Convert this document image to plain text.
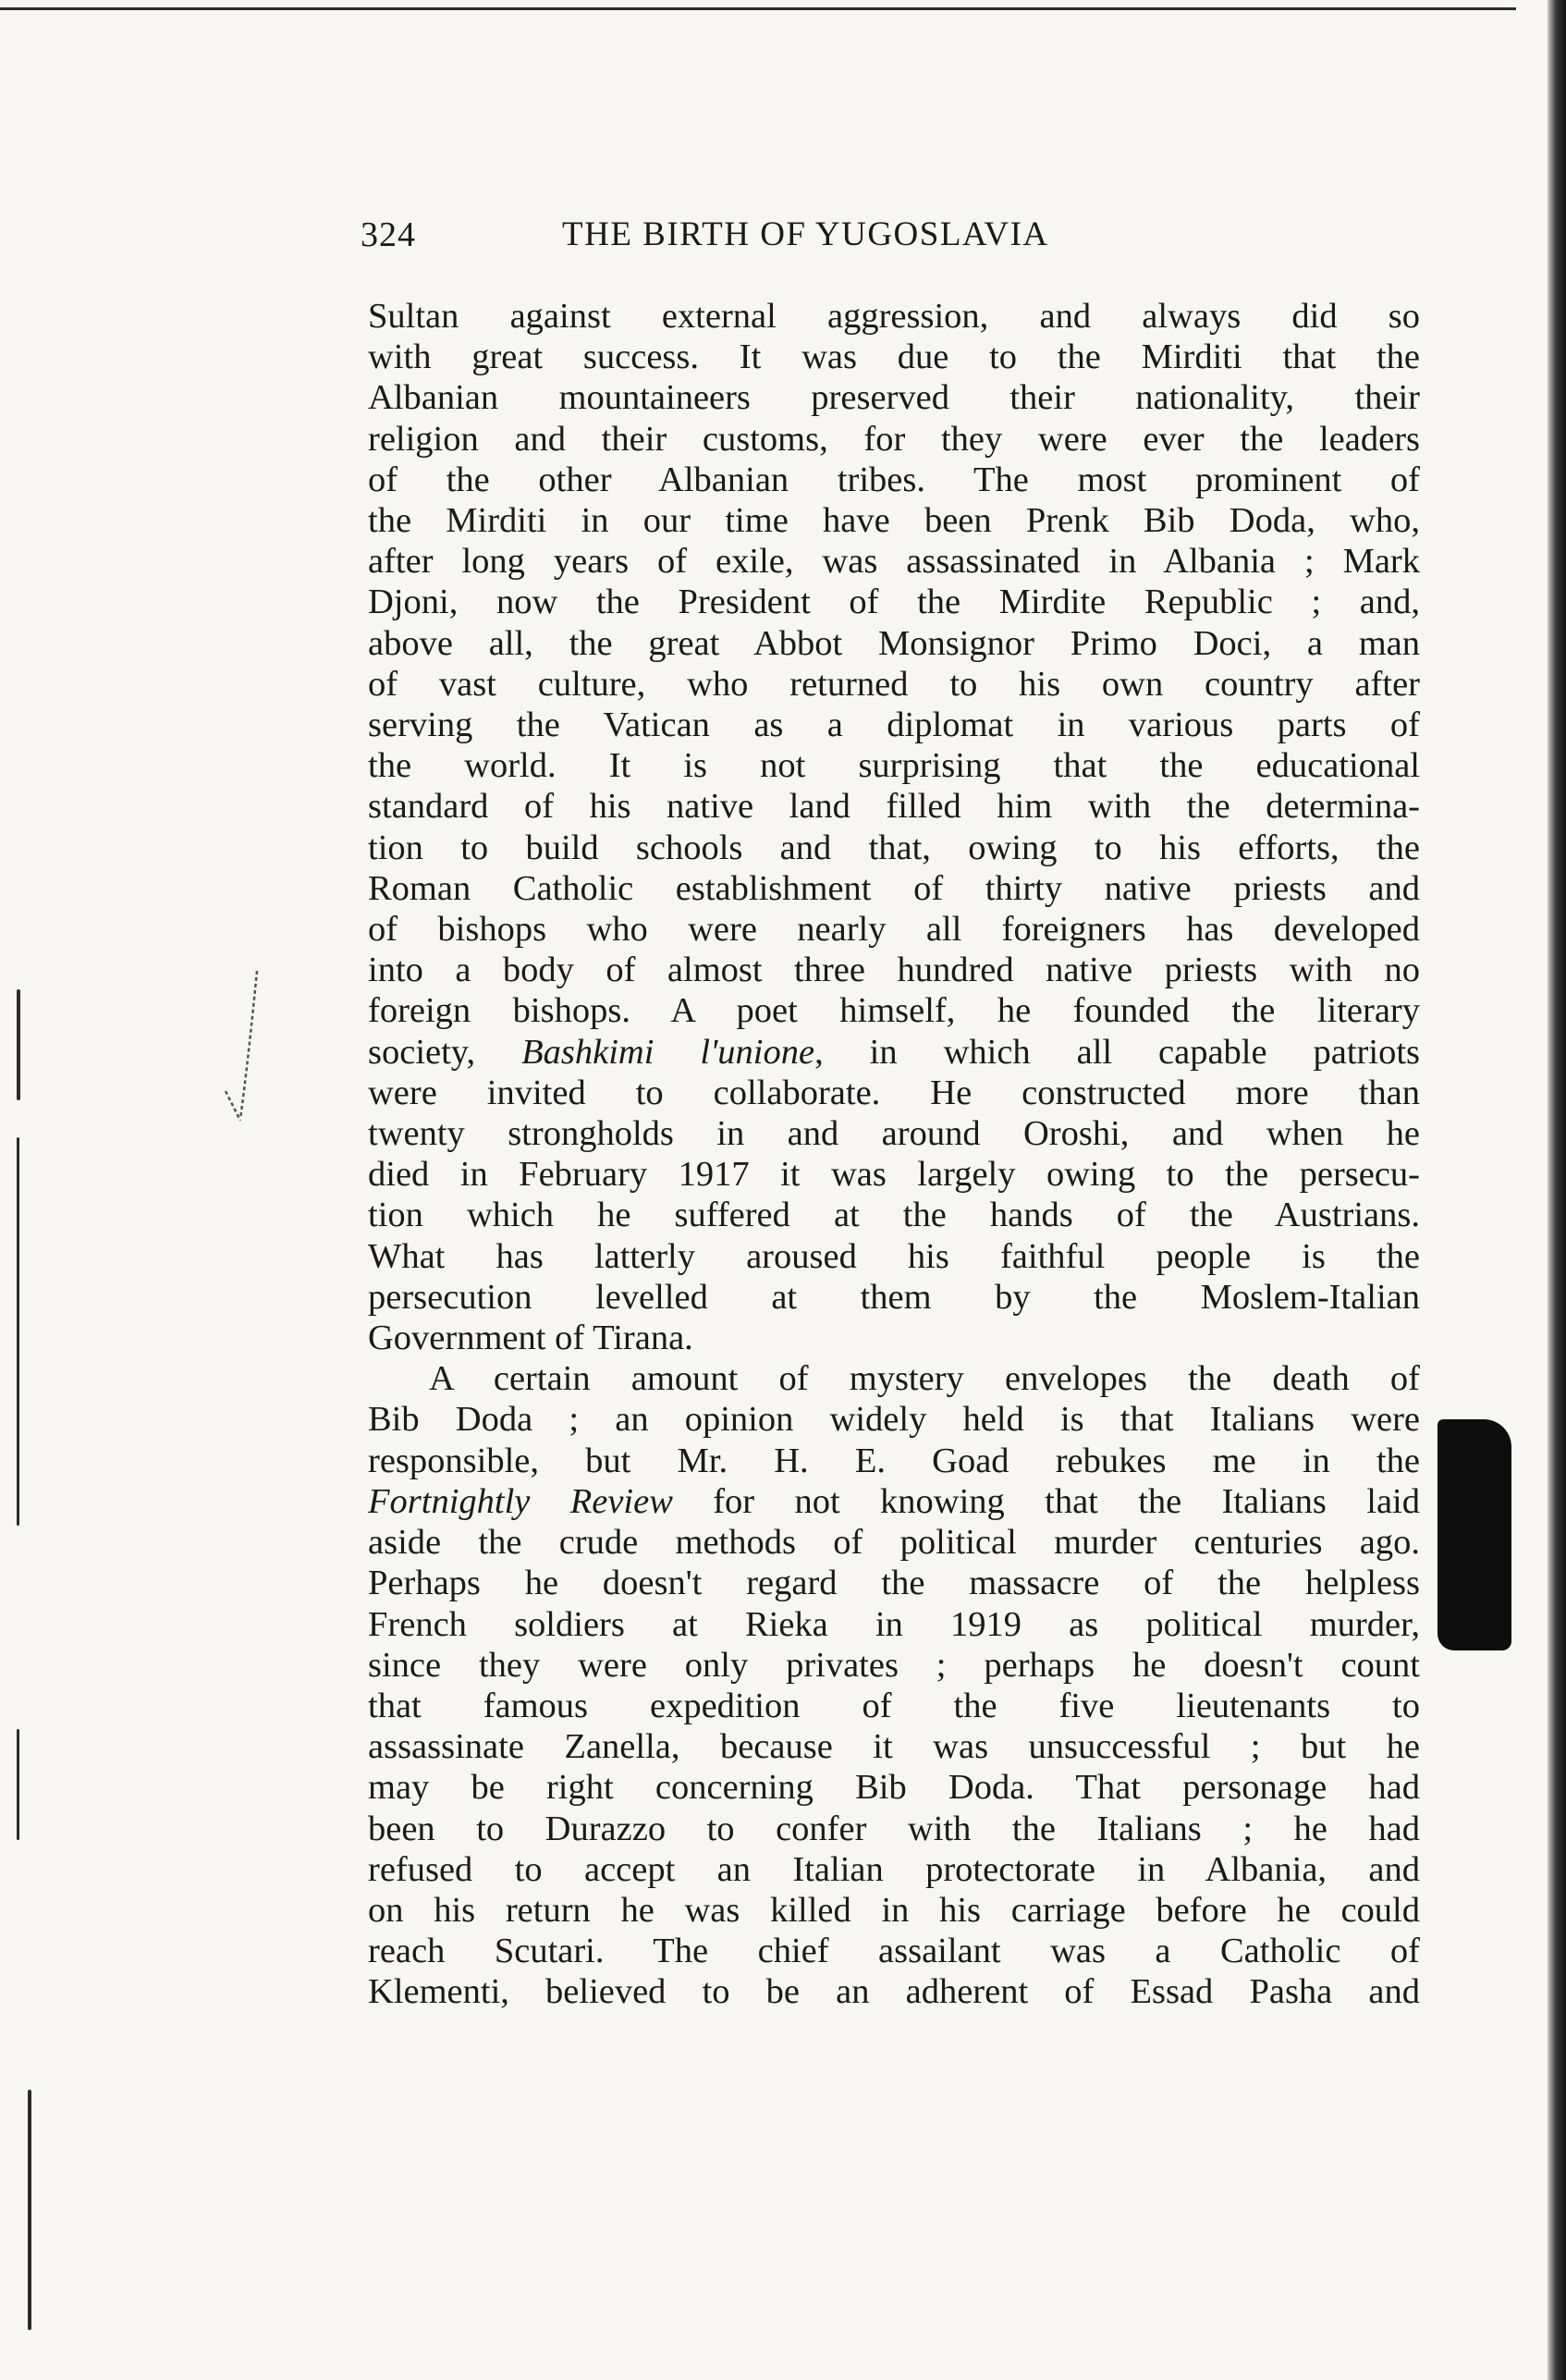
324	THE BIRTH OF YUGOSLAVIA

Sultan against external aggression, and always did so

with great success. It was due to the Mirditi that the

Albanian mountaineers preserved their nationality, their

religion and their customs, for they were ever the leaders

of the other Albanian tribes. The most prominent of

the Mirditi in our time have been Prenk Bib Doda, who,

after long years of exile, was assassinated in Albania ; Mark

Djoni, now the President of the Mirdite Republic ; and,

above all, the great Abbot Monsignor Primo Doci, a man

of vast culture, who returned to his own country after

serving the Vatican as a diplomat in various parts of

the world. It is not surprising that the educational

standard of his native land filled him with the determina-

tion to build schools and that, owing to his efforts, the

Roman Catholic establishment of thirty native priests and

of bishops who were nearly all foreigners has developed

into a body of almost three hundred native priests with no

foreign bishops. A poet himself, he founded the literary

society, Bashkimi l'unione, in which all capable patriots

were invited to collaborate. He constructed more than

twenty strongholds in and around Oroshi, and when he

died in February 1917 it was largely owing to the persecu-

tion which he suffered at the hands of the Austrians.

What has latterly aroused his faithful people is the

persecution levelled at them by the Moslem-Italian

Government of Tirana.

A certain amount of mystery envelopes the death of

Bib Doda ; an opinion widely held is that Italians were

responsible, but Mr. H. E. Goad rebukes me in the

Fortnightly Review for not knowing that the Italians laid

aside the crude methods of political murder centuries ago.

Perhaps he doesn't regard the massacre of the helpless

French soldiers at Rieka in 1919 as political murder,

since they were only privates ; perhaps he doesn't count

that famous expedition of the five lieutenants to

assassinate Zanella, because it was unsuccessful ; but he

may be right concerning Bib Doda. That personage had

been to Durazzo to confer with the Italians ; he had

refused to accept an Italian protectorate in Albania, and

on his return he was killed in his carriage before he could

reach Scutari. The chief assailant was a Catholic of

Klementi, believed to be an adherent of Essad Pasha and
